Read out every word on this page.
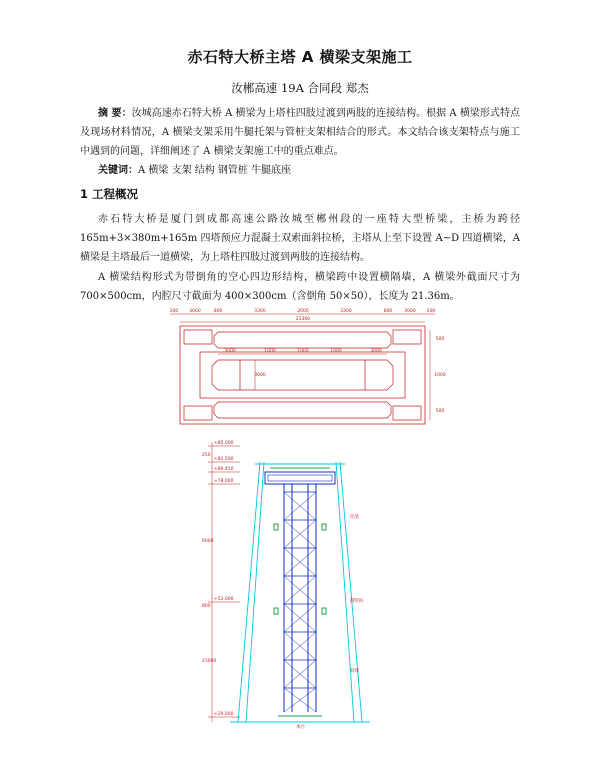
赤石特大桥主塔 A 横梁支架施工
汝郴高速 19A 合同段 郑杰
摘 要：汝城高速赤石特大桥 A 横梁为上塔柱四肢过渡到两肢的连接结构。根据 A 横梁形式特点及现场材料情况，A 横梁支架采用牛腿托架与管桩支架相结合的形式。本文结合该支架特点与施工中遇到的问题，详细阐述了 A 横梁支架施工中的重点难点。
关键词：A 横梁 支架 结构 钢管桩 牛腿底座
1 工程概况
赤石特大桥是厦门到成都高速公路汝城至郴州段的一座特大型桥梁，主桥为跨径 165m+3×380m+165m 四塔预应力混凝土双索面斜拉桥，主塔从上至下设置 A~D 四道横梁，A 横梁是主塔最后一道横梁，为上塔柱四肢过渡到两肢的连接结构。
A 横梁结构形式为带倒角的空心四边形结构，横梁跨中设置横隔墙，A 横梁外截面尺寸为 700×500cm，内腔尺寸截面为 400×300cm（含倒角 50×50），长度为 21.36m。
200 3000	800	3300	2000	3300	800	3000 200
21360
3000	1000	1000	1000	3000
3000
500
1000
500
+85.000
+82.500
+80.450
+78.000
+53.000
+20.000
250
6000
800
23000
托架
钢管桩
斜撑
承台
